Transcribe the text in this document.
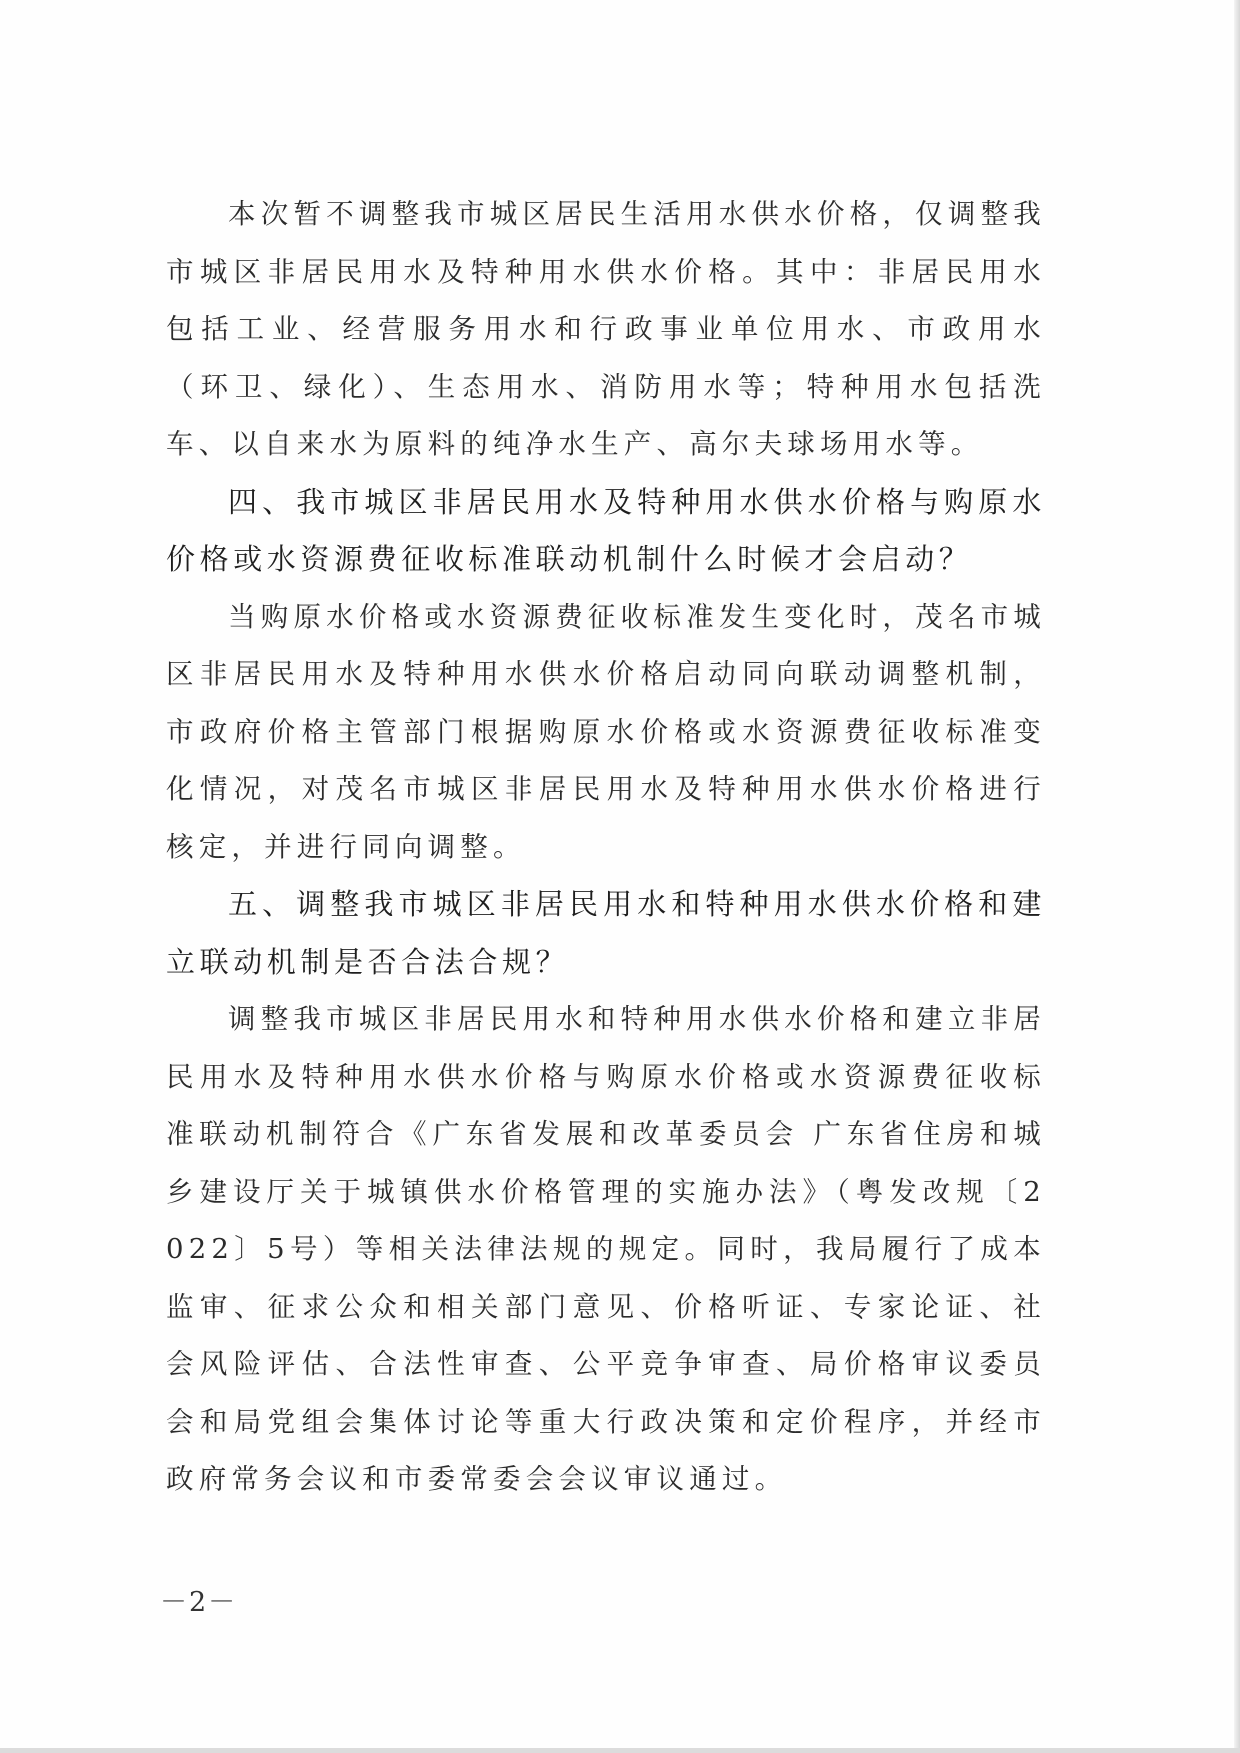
本次暂不调整我市城区居民生活用水供水价格，仅调整我市城区非居民用水及特种用水供水价格。其中：非居民用水包括工业、经营服务用水和行政事业单位用水、市政用水（环卫、绿化）、生态用水、消防用水等；特种用水包括洗车、以自来水为原料的纯净水生产、高尔夫球场用水等。

四、我市城区非居民用水及特种用水供水价格与购原水价格或水资源费征收标准联动机制什么时候才会启动？

当购原水价格或水资源费征收标准发生变化时，茂名市城区非居民用水及特种用水供水价格启动同向联动调整机制，市政府价格主管部门根据购原水价格或水资源费征收标准变化情况，对茂名市城区非居民用水及特种用水供水价格进行核定，并进行同向调整。

五、调整我市城区非居民用水和特种用水供水价格和建立联动机制是否合法合规？

调整我市城区非居民用水和特种用水供水价格和建立非居民用水及特种用水供水价格与购原水价格或水资源费征收标准联动机制符合《广东省发展和改革委员会 广东省住房和城乡建设厅关于城镇供水价格管理的实施办法》（粤发改规〔2022〕5号）等相关法律法规的规定。同时，我局履行了成本监审、征求公众和相关部门意见、价格听证、专家论证、社会风险评估、合法性审查、公平竞争审查、局价格审议委员会和局党组会集体讨论等重大行政决策和定价程序，并经市政府常务会议和市委常委会会议审议通过。

－2－
